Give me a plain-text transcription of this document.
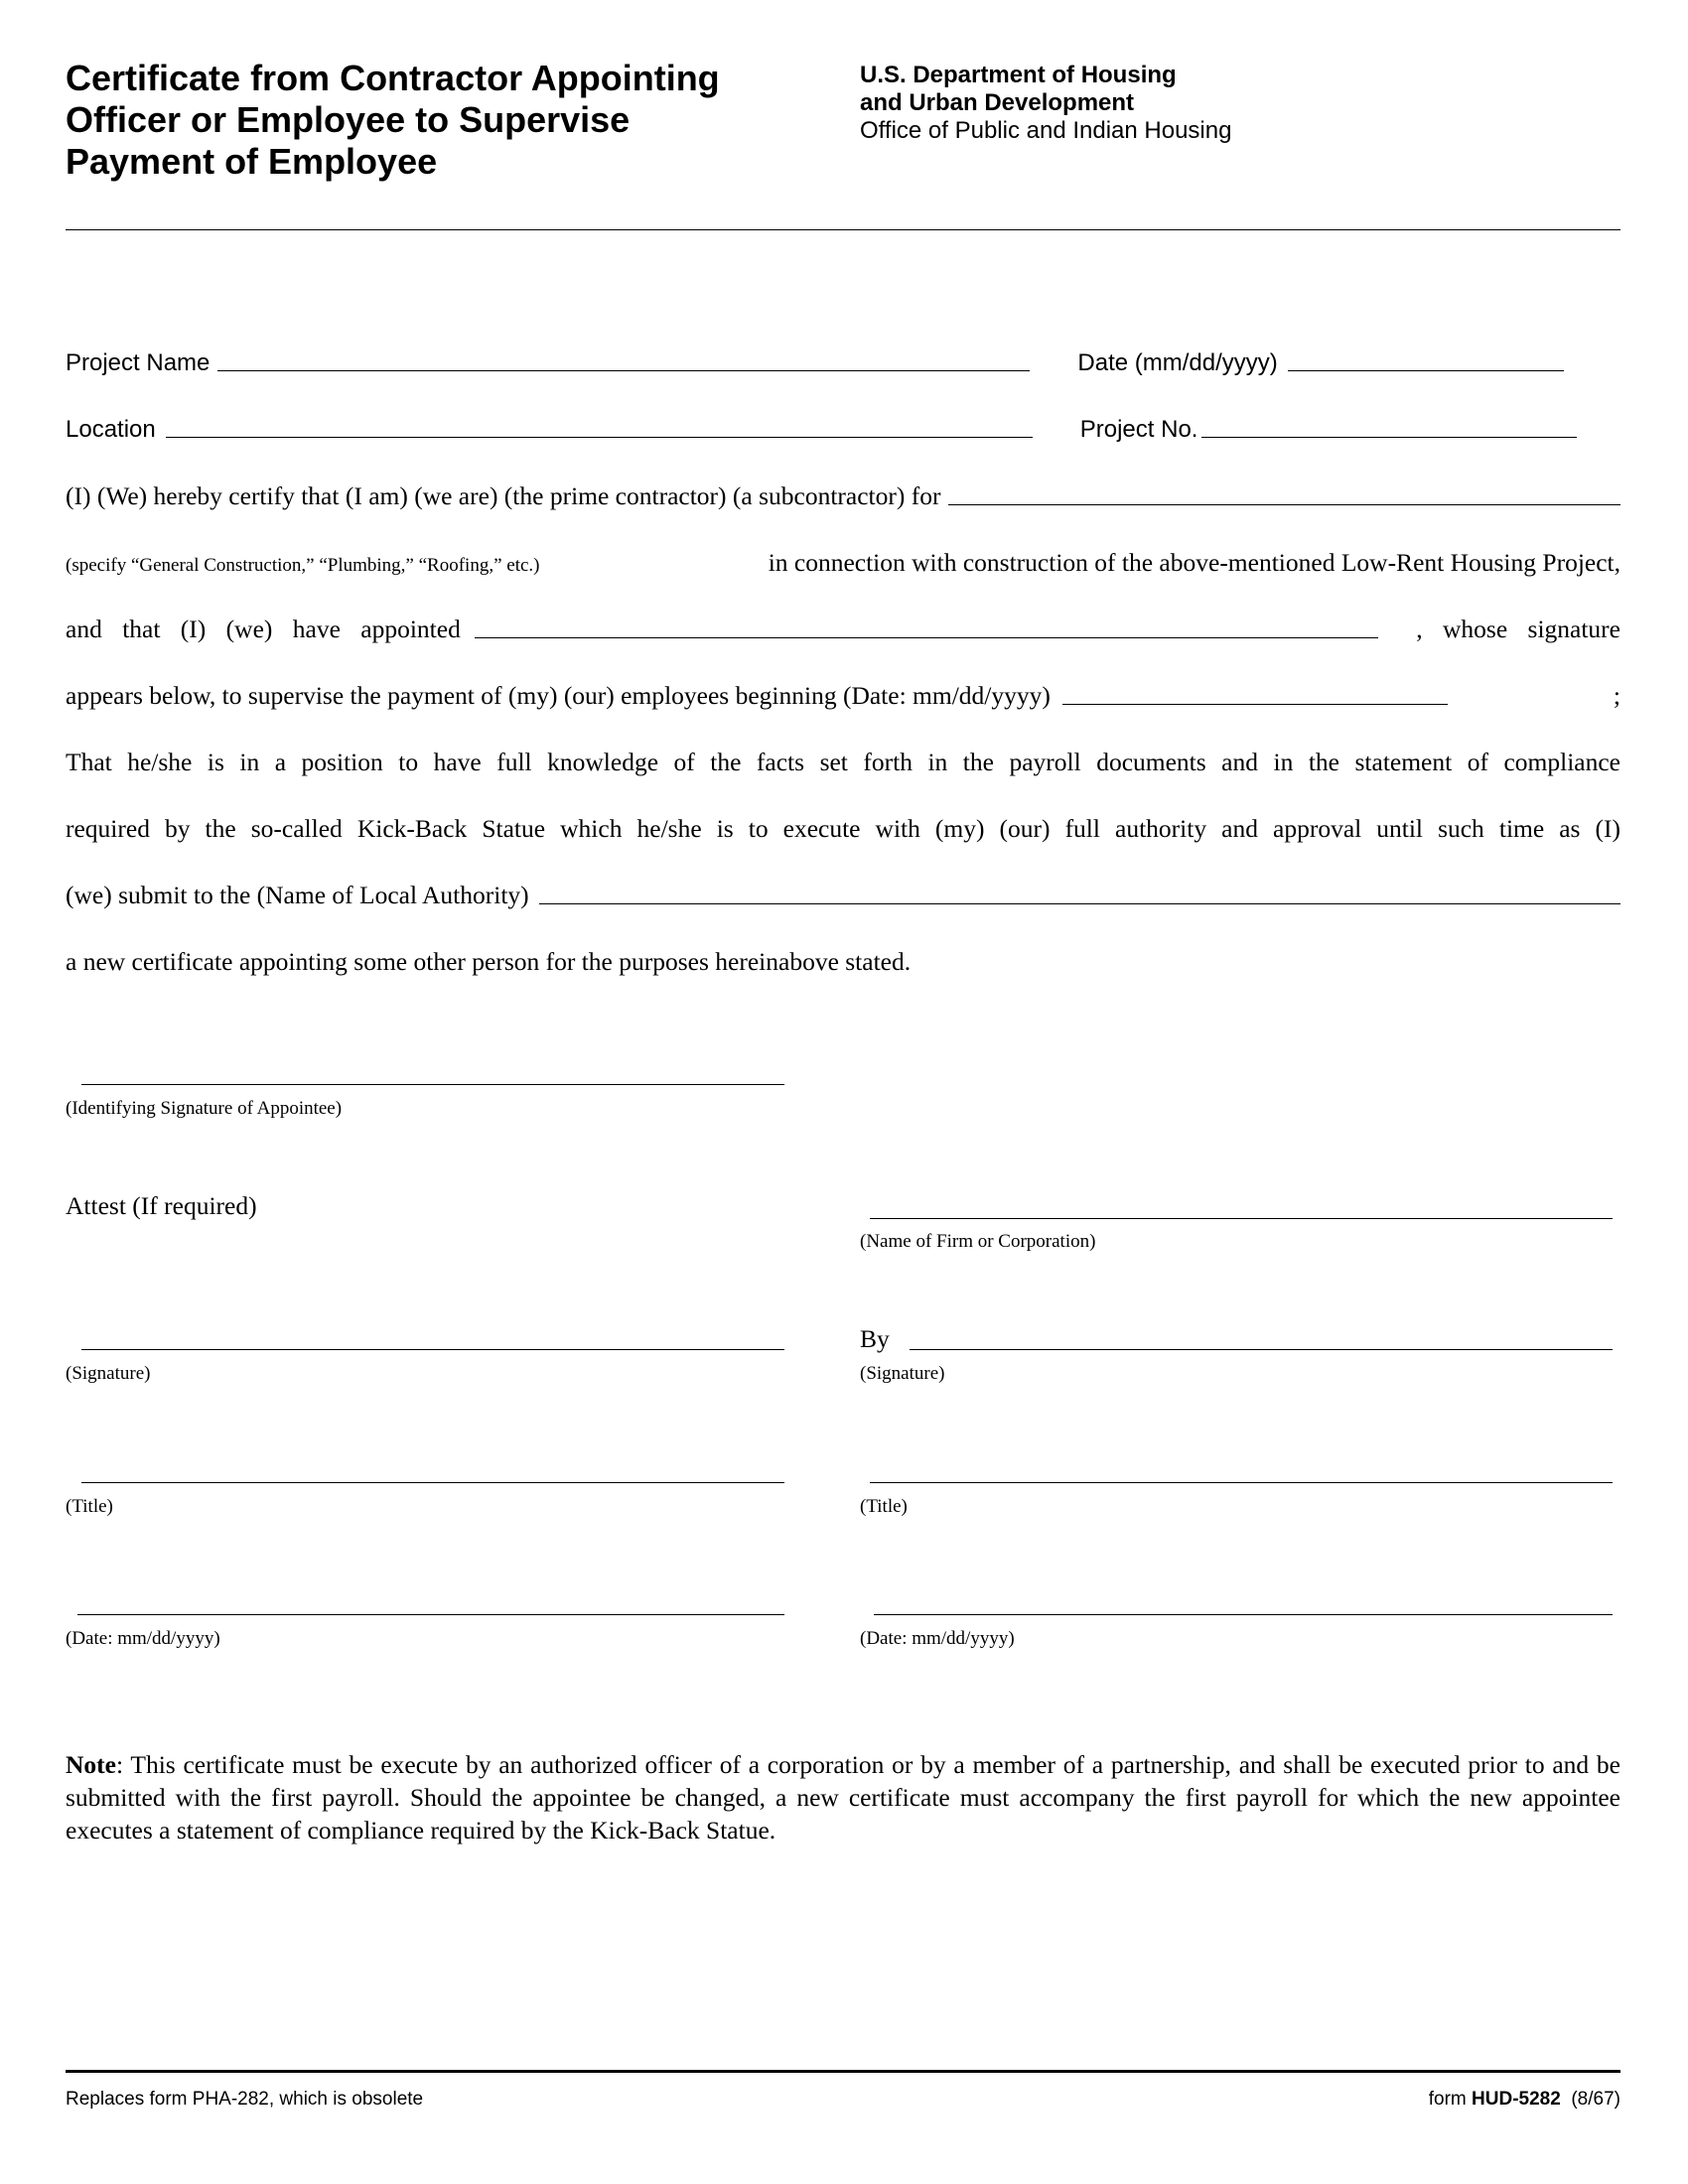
Certificate from Contractor Appointing
Officer or Employee to Supervise
Payment of Employee
U.S. Department of Housing
and Urban Development
Office of Public and Indian Housing
Project Name	Date (mm/dd/yyyy)
Location	Project No.
(I) (We) hereby certify that (I am) (we are) (the prime contractor) (a subcontractor) for
(specify “General Construction,” “Plumbing,” “Roofing,” etc.)	in connection with construction of the above-mentioned Low-Rent Housing Project,
and that (I) (we) have appointed	, whose signature
appears below, to supervise the payment of (my) (our) employees beginning (Date: mm/dd/yyyy)	;
That he/she is in a position to have full knowledge of the facts set forth in the payroll documents and in the statement of compliance
required by the so-called Kick-Back Statue which he/she is to execute with (my) (our) full authority and approval until such time as (I)
(we) submit to the (Name of Local Authority)
a new certificate appointing some other person for the purposes hereinabove stated.
(Identifying Signature of Appointee)
Attest (If required)
(Name of Firm or Corporation)
(Signature)
By
(Signature)
(Title)	(Title)
(Date: mm/dd/yyyy)	(Date: mm/dd/yyyy)
Note: This certificate must be execute by an authorized officer of a corporation or by a member of a partnership, and shall be executed prior to and be submitted with the first payroll. Should the appointee be changed, a new certificate must accompany the first payroll for which the new appointee executes a statement of compliance required by the Kick-Back Statue.
Replaces form PHA-282, which is obsolete	form HUD-5282 (8/67)
